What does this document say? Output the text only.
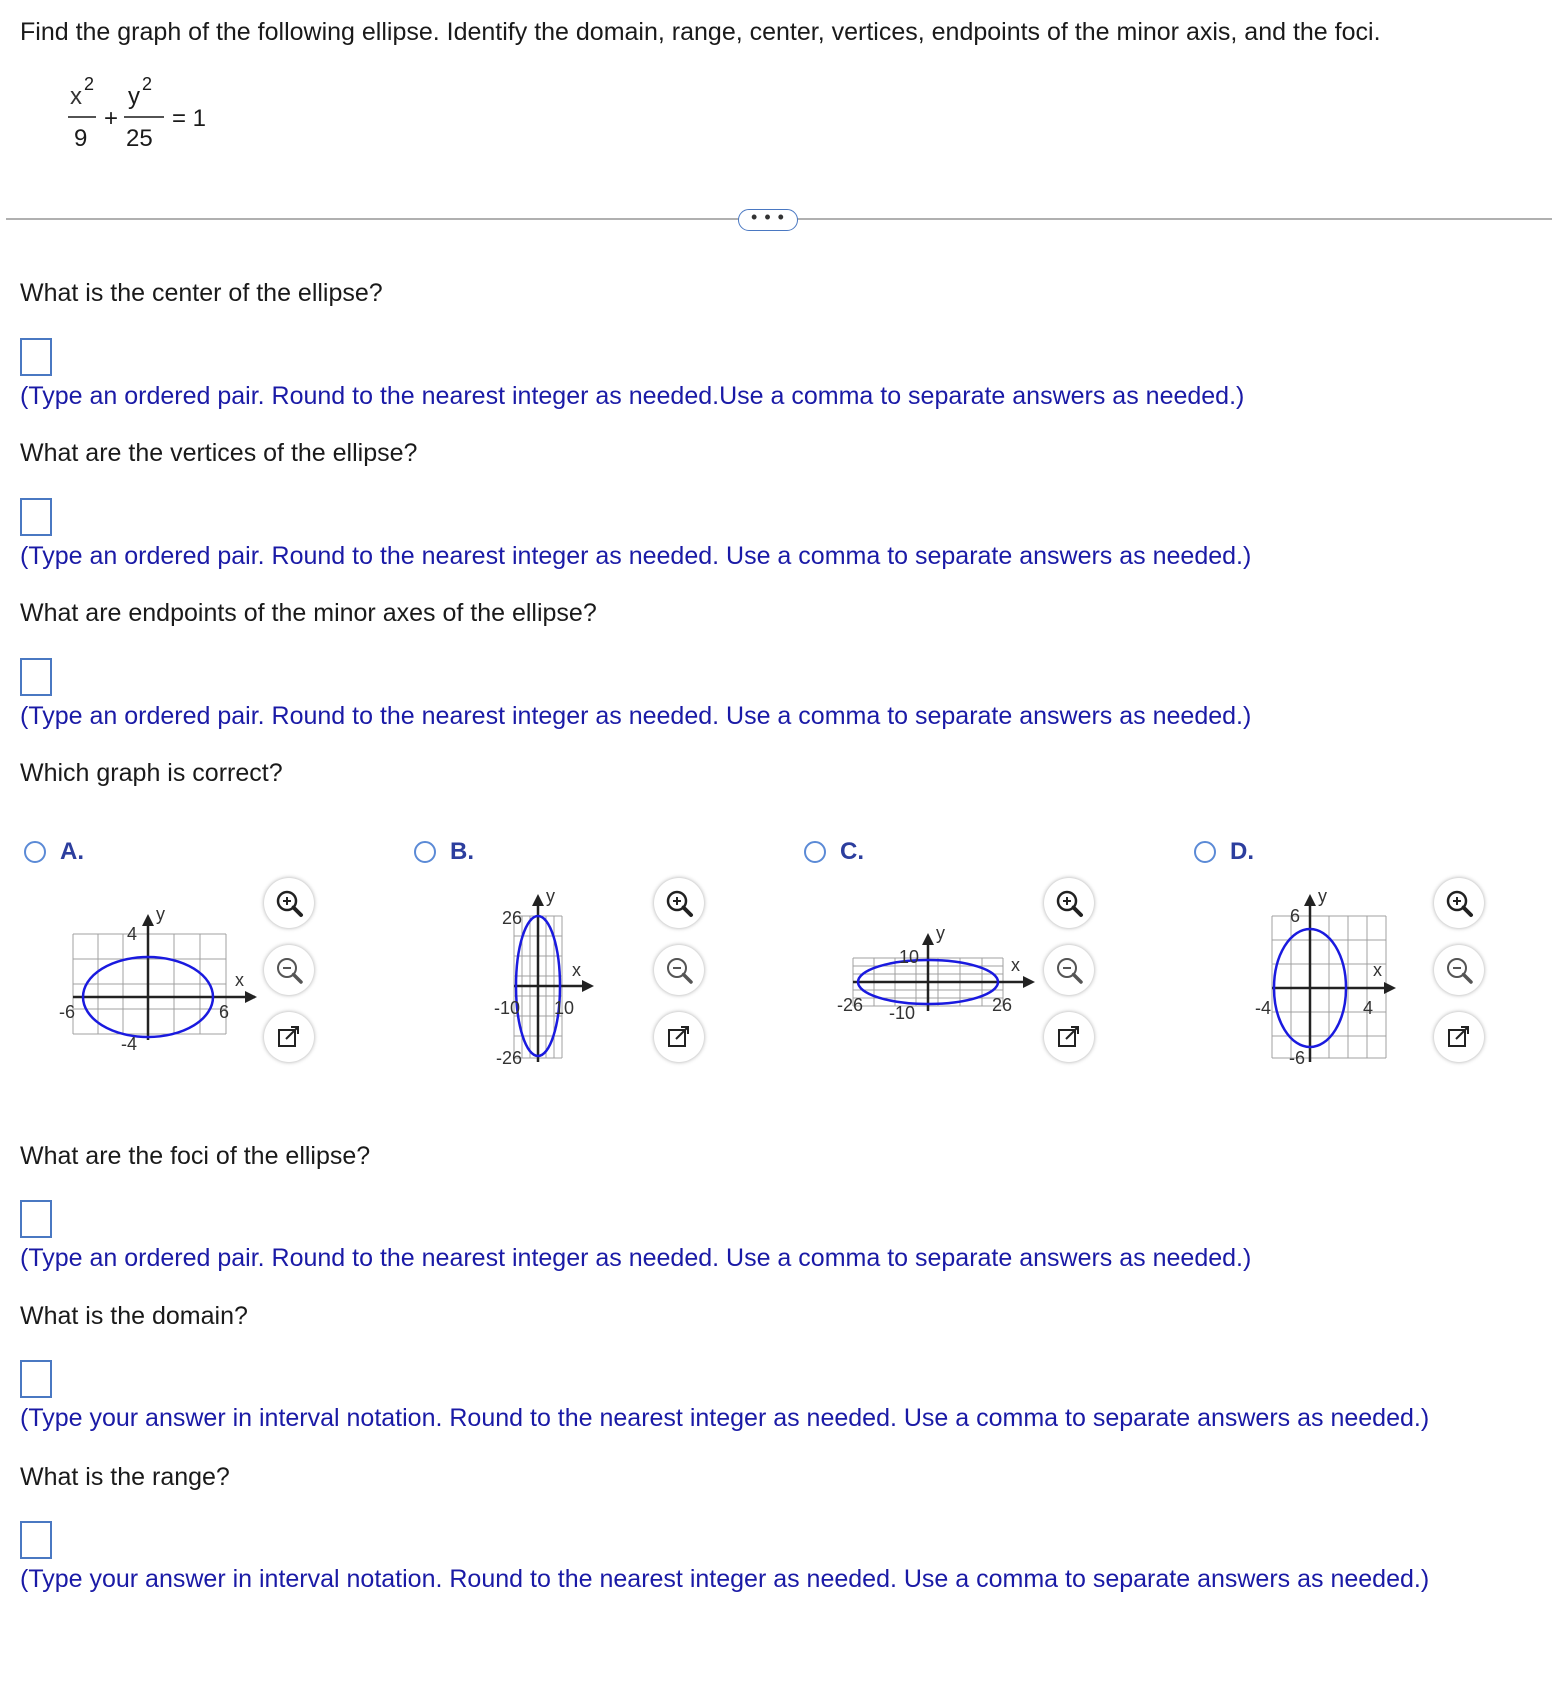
Find the graph of the following ellipse. Identify the domain, range, center, vertices, endpoints of the minor axis, and the foci.
x 2
9
+
y 2
25
= 1
• • •
What is the center of the ellipse?
(Type an ordered pair. Round to the nearest integer as needed.Use a comma to separate answers as needed.)
What are the vertices of the ellipse?
(Type an ordered pair. Round to the nearest integer as needed. Use a comma to separate answers as needed.)
What are endpoints of the minor axes of the ellipse?
(Type an ordered pair. Round to the nearest integer as needed. Use a comma to separate answers as needed.)
Which graph is correct?
A.
y
x
4
-4
-6	6
B.
y
x
26
-26
-10 10
C.
y
x
10
-10
-26	26
D.
y
x
6
-6
-4	4
What are the foci of the ellipse?
(Type an ordered pair. Round to the nearest integer as needed. Use a comma to separate answers as needed.)
What is the domain?
(Type your answer in interval notation. Round to the nearest integer as needed. Use a comma to separate answers as needed.)
What is the range?
(Type your answer in interval notation. Round to the nearest integer as needed. Use a comma to separate answers as needed.)
